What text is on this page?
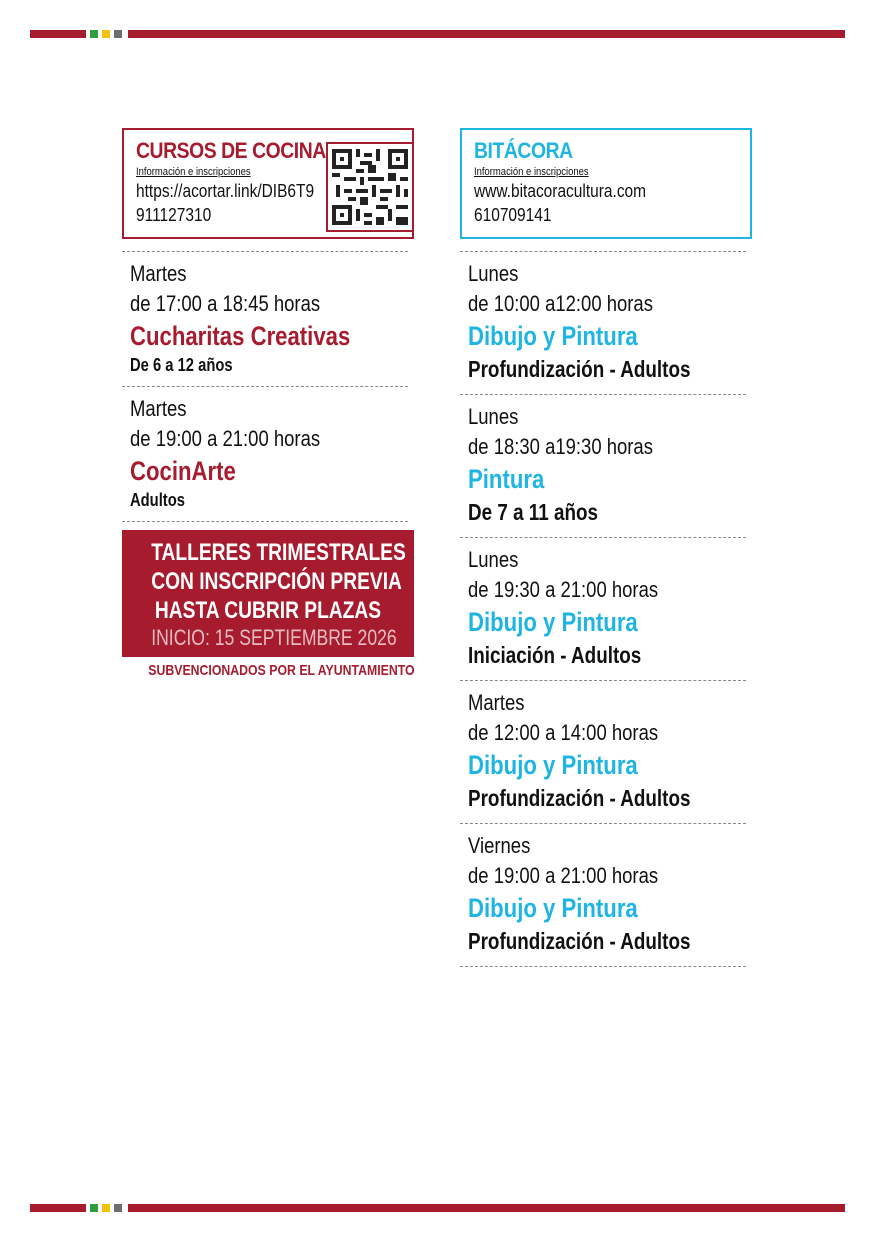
CURSOS DE COCINA
Información e inscripciones
https://acortar.link/DIB6T9
911127310
Martes
de 17:00 a 18:45 horas
Cucharitas Creativas
De 6 a 12 años
Martes
de 19:00 a 21:00 horas
CocinArte
Adultos
TALLERES TRIMESTRALES
CON INSCRIPCIÓN PREVIA
HASTA CUBRIR PLAZAS
INICIO: 15 SEPTIEMBRE 2026
SUBVENCIONADOS POR EL AYUNTAMIENTO
BITÁCORA
Información e inscripciones
www.bitacoracultura.com
610709141
Lunes
de 10:00 a12:00 horas
Dibujo y Pintura
Profundización - Adultos
Lunes
de 18:30 a19:30 horas
Pintura
De 7 a 11 años
Lunes
de 19:30 a 21:00 horas
Dibujo y Pintura
Iniciación - Adultos
Martes
de 12:00 a 14:00 horas
Dibujo y Pintura
Profundización - Adultos
Viernes
de 19:00 a 21:00 horas
Dibujo y Pintura
Profundización - Adultos
